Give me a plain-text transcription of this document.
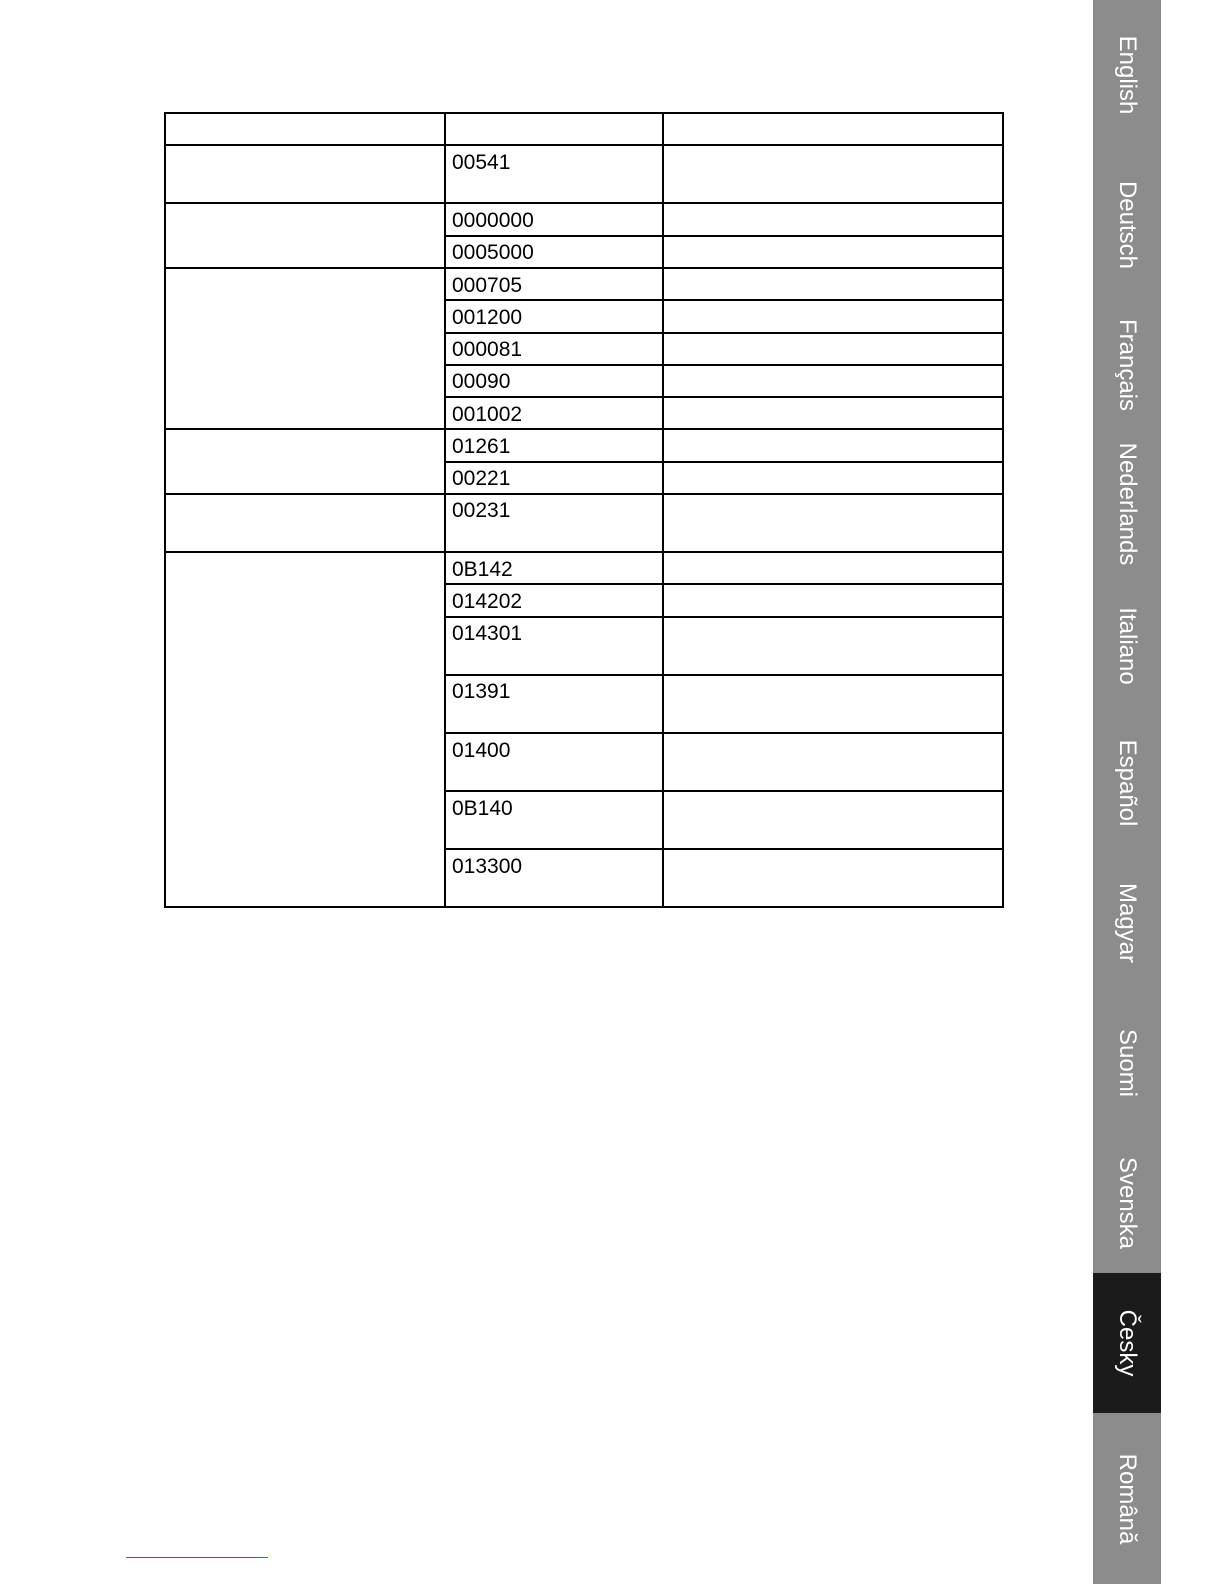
00541
0000000
0005000
000705
001200
000081
00090
001002
01261
00221
00231
0B142
014202
014301
01391
01400
0B140
013300
English
Deutsch
Français
Nederlands
Italiano
Español
Magyar
Suomi
Svenska
Česky
Română
